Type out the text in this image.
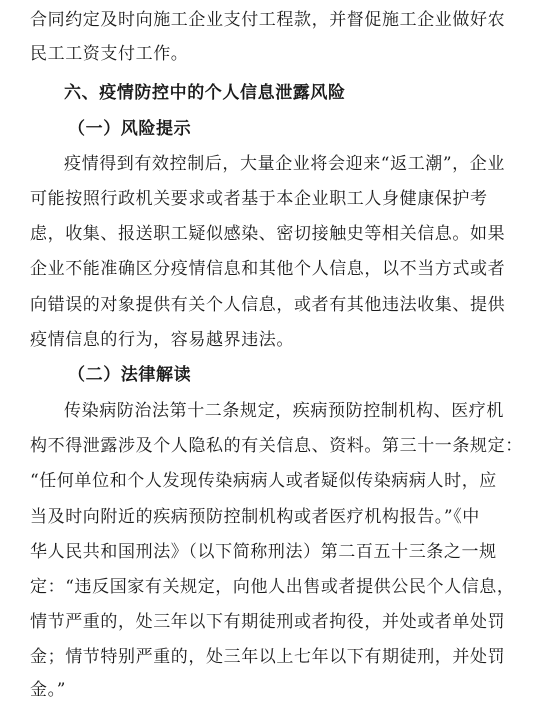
合同约定及时向施工企业支付工程款，并督促施工企业做好农
民工工资支付工作。
六、疫情防控中的个人信息泄露风险
（一）风险提示
疫情得到有效控制后，大量企业将会迎来“返工潮”，企业
可能按照行政机关要求或者基于本企业职工人身健康保护考
虑，收集、报送职工疑似感染、密切接触史等相关信息。如果
企业不能准确区分疫情信息和其他个人信息，以不当方式或者
向错误的对象提供有关个人信息，或者有其他违法收集、提供
疫情信息的行为，容易越界违法。
（二）法律解读
传染病防治法第十二条规定，疾病预防控制机构、医疗机
构不得泄露涉及个人隐私的有关信息、资料。第三十一条规定：
“任何单位和个人发现传染病病人或者疑似传染病病人时，应
当及时向附近的疾病预防控制机构或者医疗机构报告。”《中
华人民共和国刑法》（以下简称刑法）第二百五十三条之一规
定：“违反国家有关规定，向他人出售或者提供公民个人信息，
情节严重的，处三年以下有期徒刑或者拘役，并处或者单处罚
金；情节特别严重的，处三年以上七年以下有期徒刑，并处罚
金。”
